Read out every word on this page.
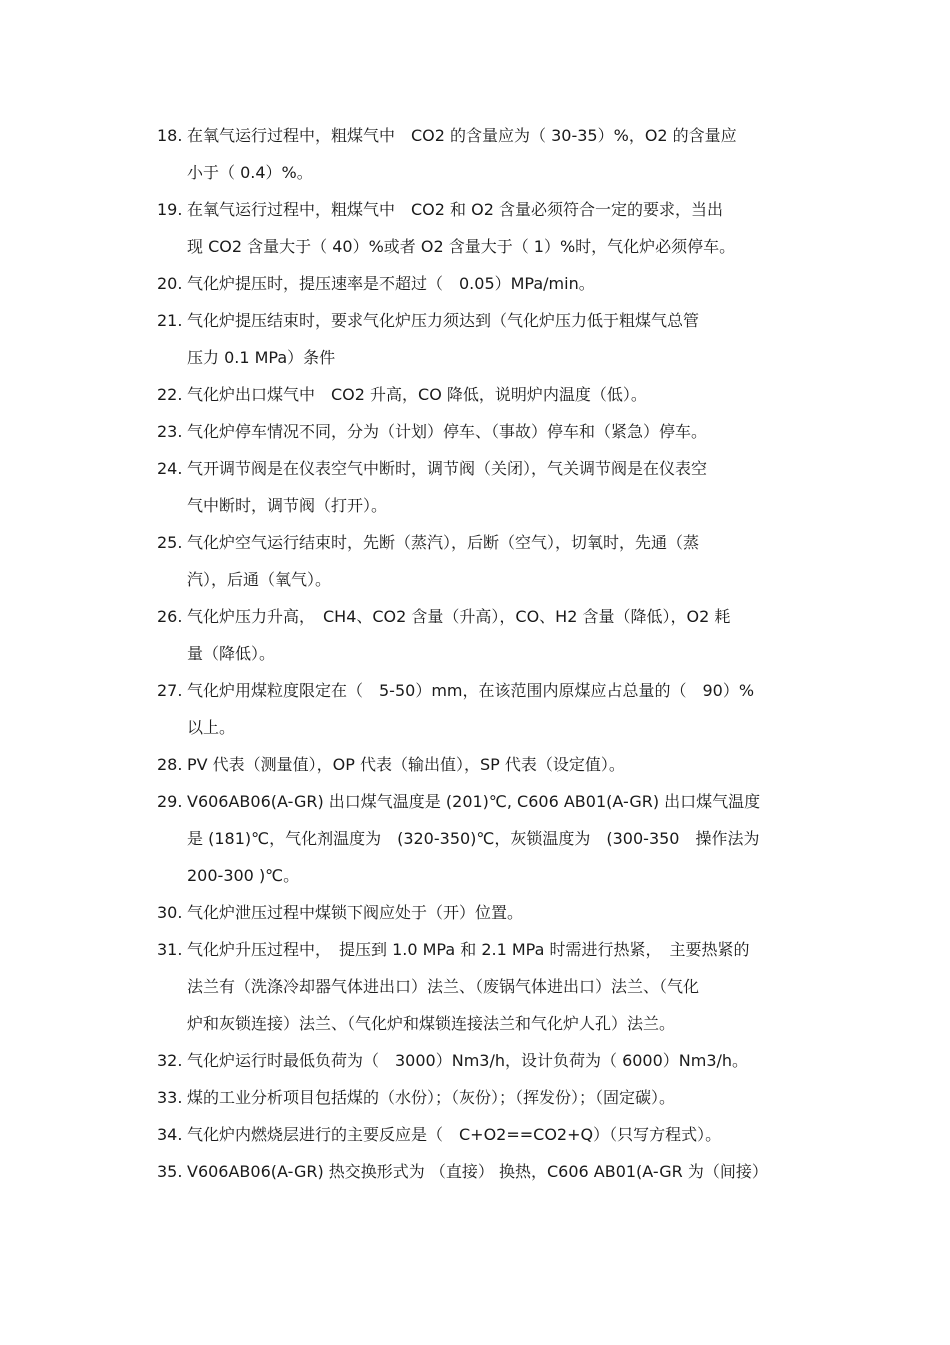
18. 在氧气运行过程中，粗煤气中　CO2 的含量应为（ 30-35）%，O2 的含量应
小于（ 0.4）%。
19. 在氧气运行过程中，粗煤气中　CO2 和 O2 含量必须符合一定的要求，当出
现 CO2 含量大于（ 40）%或者 O2 含量大于（ 1）%时，气化炉必须停车。
20. 气化炉提压时，提压速率是不超过（　0.05）MPa/min。
21. 气化炉提压结束时，要求气化炉压力须达到（气化炉压力低于粗煤气总管
压力 0.1 MPa）条件
22. 气化炉出口煤气中　CO2 升高，CO 降低，说明炉内温度（低）。
23. 气化炉停车情况不同，分为（计划）停车、（事故）停车和（紧急）停车。
24. 气开调节阀是在仪表空气中断时，调节阀（关闭），气关调节阀是在仪表空
气中断时，调节阀（打开）。
25. 气化炉空气运行结束时，先断（蒸汽），后断（空气），切氧时，先通（蒸
汽），后通（氧气）。
26. 气化炉压力升高，　CH4、CO2 含量（升高），CO、H2 含量（降低），O2 耗
量（降低）。
27. 气化炉用煤粒度限定在（　5-50）mm，在该范围内原煤应占总量的（　90）%
以上。
28. PV 代表（测量值），OP 代表（输出值），SP 代表（设定值）。
29. V606AB06(A-GR) 出口煤气温度是 (201)℃, C606 AB01(A-GR) 出口煤气温度
是 (181)℃，气化剂温度为　(320-350)℃，灰锁温度为　(300-350　操作法为
200-300 )℃。
30. 气化炉泄压过程中煤锁下阀应处于（开）位置。
31. 气化炉升压过程中，　提压到 1.0 MPa 和 2.1 MPa 时需进行热紧，　主要热紧的
法兰有（洗涤冷却器气体进出口）法兰、（废锅气体进出口）法兰、（气化
炉和灰锁连接）法兰、（气化炉和煤锁连接法兰和气化炉人孔）法兰。
32. 气化炉运行时最低负荷为（　3000）Nm3/h，设计负荷为（ 6000）Nm3/h。
33. 煤的工业分析项目包括煤的（水份）；（灰份）；（挥发份）；（固定碳）。
34. 气化炉内燃烧层进行的主要反应是（　C+O2==CO2+Q）（只写方程式）。
35. V606AB06(A-GR) 热交换形式为 （直接） 换热，C606 AB01(A-GR 为（间接）
